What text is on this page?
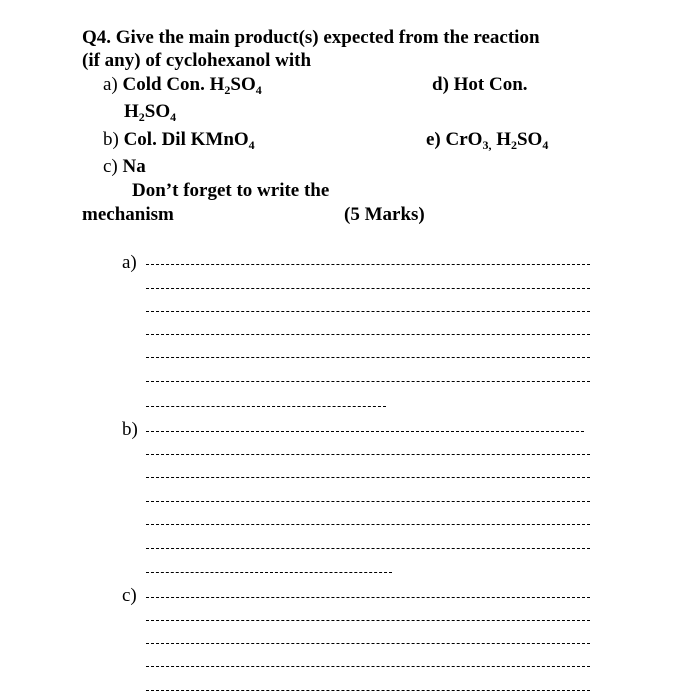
Q4. Give the main product(s) expected from the reaction
(if any) of cyclohexanol with
a) Cold Con. $H_2SO_4$	d) Hot Con.
$H_2SO_4$
b) Col. Dil KMnO$_4$	e) CrO$_{3,}$ $H_2SO_4$
c) Na
Don’t forget to write the
mechanism	(5 Marks)
a)
b)
c)
